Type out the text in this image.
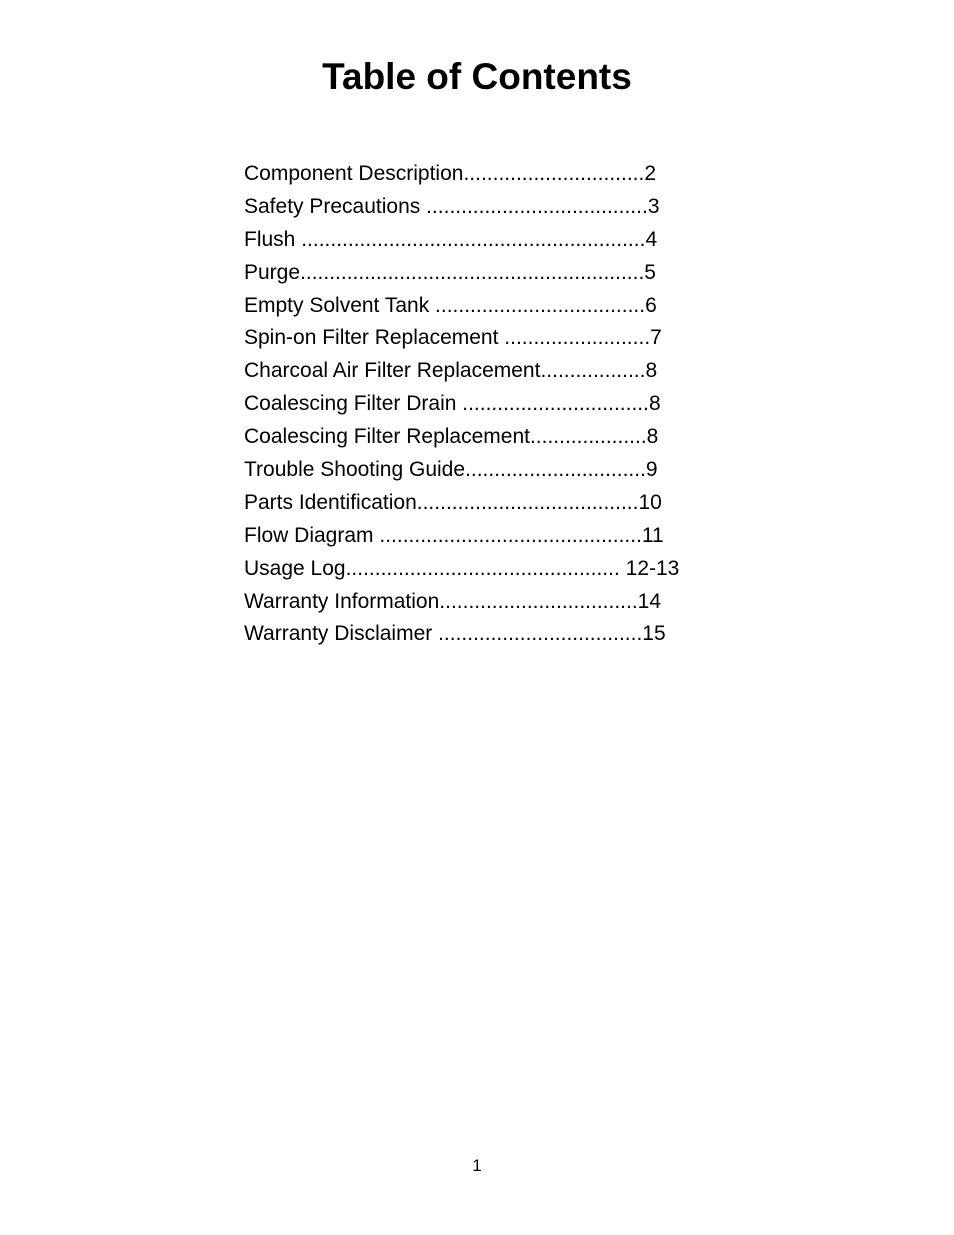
Table of Contents
Component Description...............................2
Safety Precautions ......................................3
Flush ...........................................................4
Purge...........................................................5
Empty Solvent Tank ....................................6
Spin-on Filter Replacement .........................7
Charcoal Air Filter Replacement..................8
Coalescing Filter Drain ................................8
Coalescing Filter Replacement....................8
Trouble Shooting Guide...............................9
Parts Identification......................................10
Flow Diagram .............................................11
Usage Log............................................... 12-13
Warranty Information..................................14
Warranty Disclaimer ...................................15
1
